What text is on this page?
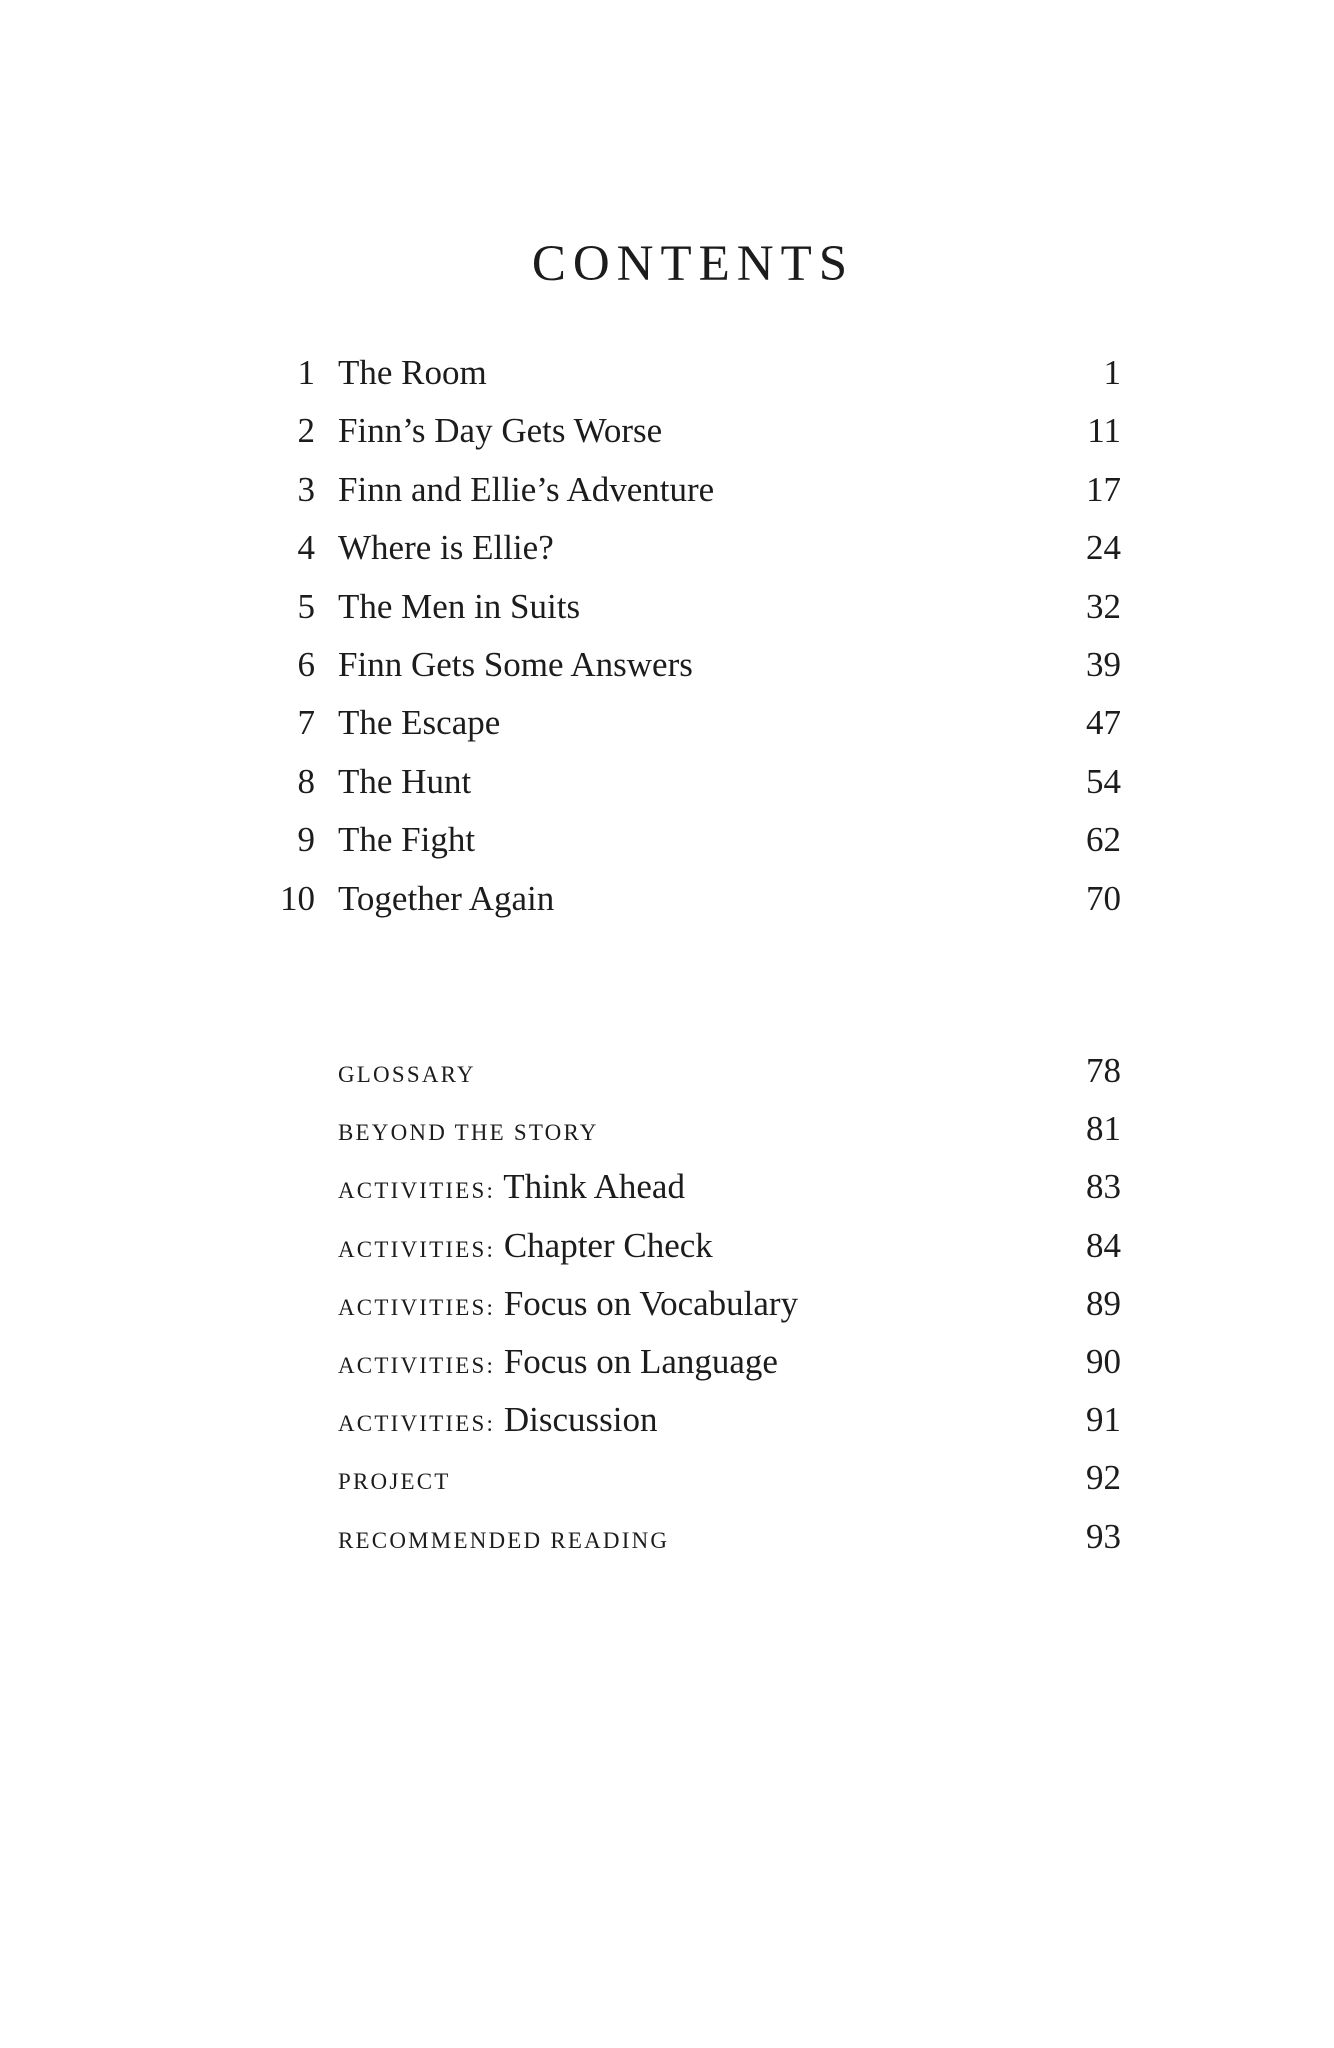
CONTENTS
1 The Room	1
2 Finn’s Day Gets Worse	11
3 Finn and Ellie’s Adventure	17
4 Where is Ellie?	24
5 The Men in Suits	32
6 Finn Gets Some Answers	39
7 The Escape	47
8 The Hunt	54
9 The Fight	62
10 Together Again	70
GLOSSARY	78
BEYOND THE STORY	81
ACTIVITIES: Think Ahead	83
ACTIVITIES: Chapter Check	84
ACTIVITIES: Focus on Vocabulary	89
ACTIVITIES: Focus on Language	90
ACTIVITIES: Discussion	91
PROJECT	92
RECOMMENDED READING	93
